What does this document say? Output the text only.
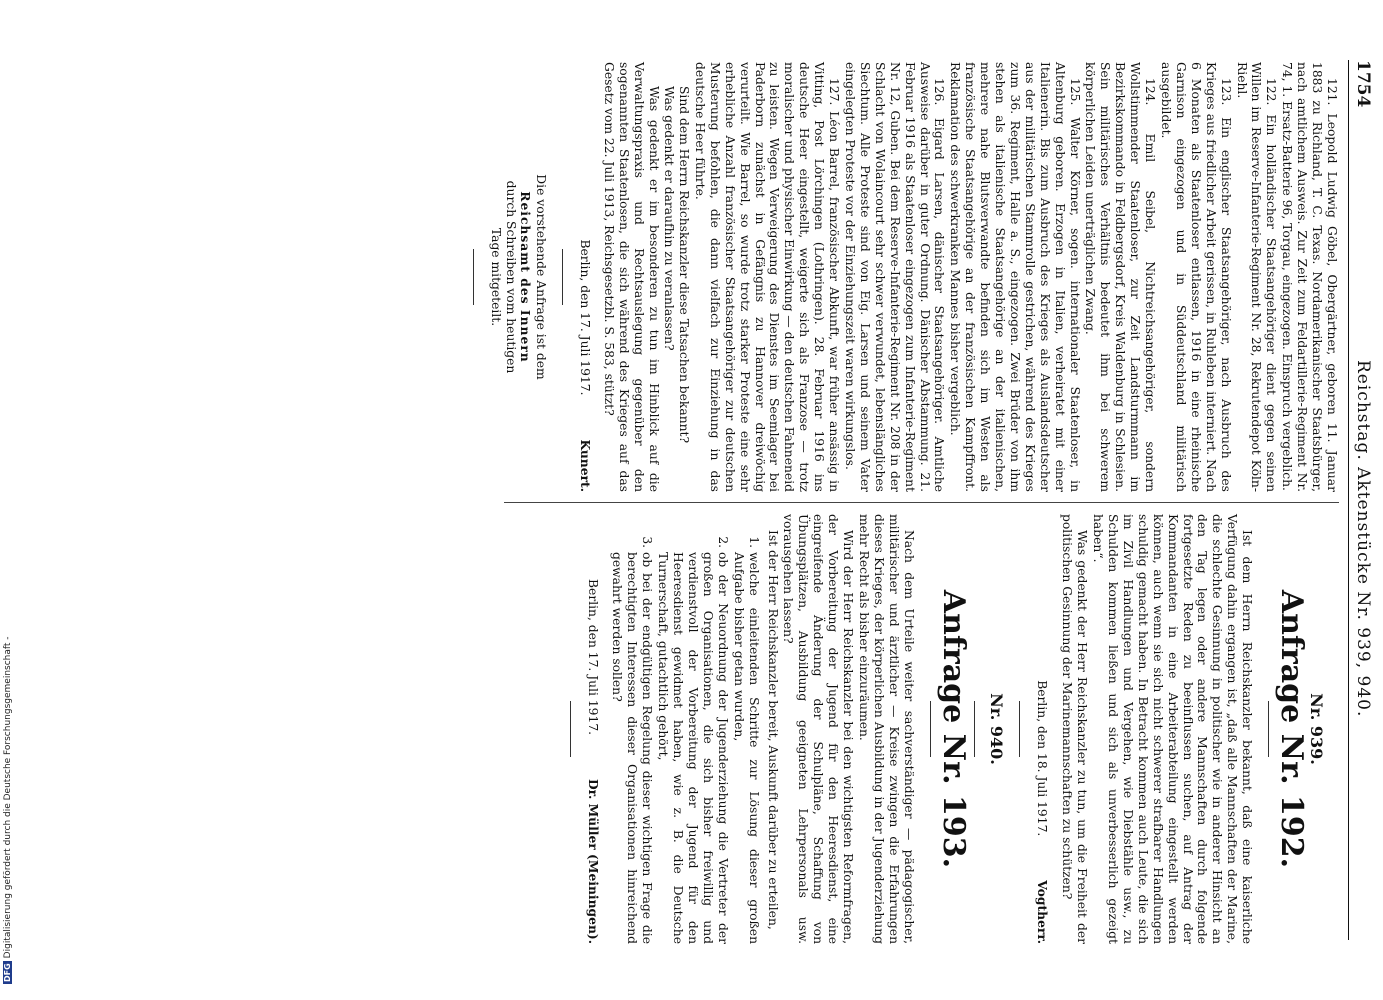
1754
Reichstag. Aktenstücke Nr. 939, 940.

121. Leopold Ludwig Göbel, Obergärtner, geboren 11. Januar 1883 zu Richland, T. C. Texas. Nordamerikanischer Staatsbürger, nach amtlichem Ausweis. Zur Zeit zum Feldartillerie-Regiment Nr. 74, 1. Ersatz-Batterie 96, Torgau, eingezogen. Einspruch vergeblich.

122. Ein holländischer Staatsangehöriger dient gegen seinen Willen im Reserve-Infanterie-Regiment Nr. 28, Rekrutendepot Köln-Riehl.

123. Ein englischer Staatsangehöriger, nach Ausbruch des Krieges aus friedlicher Arbeit gerissen, in Ruhleben interniert. Nach 6 Monaten als Staatenloser entlassen, 1916 in eine rheinische Garnison eingezogen und in Süddeutschland militärisch ausgebildet.

124. Emil Seibel, Nichtreichsangehöriger, sondern Wollstimmender Staatenloser, zur Zeit Landsturmmann im Bezirkskommando in Feldbergsdorf, Kreis Waldenburg in Schlesien. Sein militärisches Verhältnis bedeutet ihm bei schwerem körperlichen Leiden unerträglichen Zwang.

125. Walter Körner, sogen. internationaler Staatenloser, in Altenburg geboren. Erzogen in Italien, verheiratet mit einer Italienerin. Bis zum Ausbruch des Krieges als Auslandsdeutscher aus der militärischen Stammrolle gestrichen, während des Krieges zum 36. Regiment, Halle a. S., eingezogen. Zwei Brüder von ihm stehen als italienische Staatsangehörige an der italienischen, mehrere nahe Blutsverwandte befinden sich im Westen als französische Staatsangehörige an der französischen Kampffront. Reklamation des schwerkranken Mannes bisher vergeblich.

126. Eigard Larsen, dänischer Staatsangehöriger. Amtliche Ausweise darüber in guter Ordnung. Dänischer Abstammung. 21. Februar 1916 als Staatenloser eingezogen zum Infanterie-Regiment Nr. 12, Guben. Bei dem Reserve-Infanterie-Regiment Nr. 208 in der Schlacht von Wolaincourt sehr schwer verwundet, lebenslängliches Siechtum. Alle Proteste sind von Eig. Larsen und seinem Vater eingelegten Proteste vor der Einziehungszeit waren wirkungslos.

127. Léon Barrel, französischer Abkunft, war früher ansässig in Vitting, Post Lörchingen (Lothringen). 28. Februar 1916 ins deutsche Heer eingestellt, weigerte sich als Franzose — trotz moralischer und physischer Einwirkung — den deutschen Fahneneid zu leisten. Wegen Verweigerung des Dienstes im Seemlager bei Paderborn zunächst in Gefängnis zu Hannover dreiwöchig verurteilt. Wie Barrel, so wurde trotz starker Proteste eine sehr erhebliche Anzahl französischer Staatsangehöriger zur deutschen Musterung befohlen, die dann vielfach zur Einziehung in das deutsche Heer führte.

Sind dem Herrn Reichskanzler diese Tatsachen bekannt?

Was gedenkt er daraufhin zu veranlassen?

Was gedenkt er im besonderen zu tun im Hinblick auf die Verwaltungspraxis und Rechtsauslegung gegenüber den sogenannten Staatenlosen, die sich während des Krieges auf das Gesetz vom 22. Juli 1913, Reichsgesetzbl. S. 583, stützt?

Berlin, den 17. Juli 1917. Kunert.
Die vorstehende Anfrage ist dem
Reichsamt des Innern
durch Schreiben vom heutigen
Tage mitgeteilt.
Nr. 939.
Anfrage Nr. 192.

Ist dem Herrn Reichskanzler bekannt, daß eine kaiserliche Verfügung dahin ergangen ist, „daß alle Mannschaften der Marine, die schlechte Gesinnung in politischer wie in anderer Hinsicht an den Tag legen oder andere Mannschaften durch folgende fortgesetzte Reden zu beeinflussen suchen, auf Antrag der Kommandanten in eine Arbeiterabteilung eingestellt werden können, auch wenn sie sich nicht schwerer strafbarer Handlungen schuldig gemacht haben. In Betracht kommen auch Leute, die sich im Zivil Handlungen und Vergehen, wie Diebstähle usw., zu Schulden kommen ließen und sich als unverbesserlich gezeigt haben“.

Was gedenkt der Herr Reichskanzler zu tun, um die Freiheit der politischen Gesinnung der Marinemannschaften zu schützen?

Berlin, den 18. Juli 1917. Vogtherr.
Nr. 940.
Anfrage Nr. 193.

Nach dem Urteile weiter sachverständiger — pädagogischer, militärischer und ärztlicher — Kreise zwingen die Erfahrungen dieses Krieges, der körperlichen Ausbildung in der Jugenderziehung mehr Recht als bisher einzuräumen.

Wird der Herr Reichskanzler bei den wichtigsten Reformfragen, der Vorbereitung der Jugend für den Heeresdienst, eine eingreifende Änderung der Schulpläne, Schaffung von Übungsplätzen, Ausbildung geeigneten Lehrpersonals usw. vorausgehen lassen?

Ist der Herr Reichskanzler bereit, Auskunft darüber zu erteilen,

1. welche einleitenden Schritte zur Lösung dieser großen Aufgabe bisher getan wurden,
2. ob der Neuordnung der Jugenderziehung die Vertreter der großen Organisationen, die sich bisher freiwillig und verdienstvoll der Vorbereitung der Jugend für den Heeresdienst gewidmet haben, wie z. B. die Deutsche Turnerschaft, gutachtlich gehört,
3. ob bei der endgültigen Regelung dieser wichtigen Frage die berechtigten Interessen dieser Organisationen hinreichend gewahrt werden sollen?
Berlin, den 17. Juli 1917. Dr. Müller (Meiningen).
DFGDigitalisierung gefördert durch die Deutsche Forschungsgemeinschaft -
